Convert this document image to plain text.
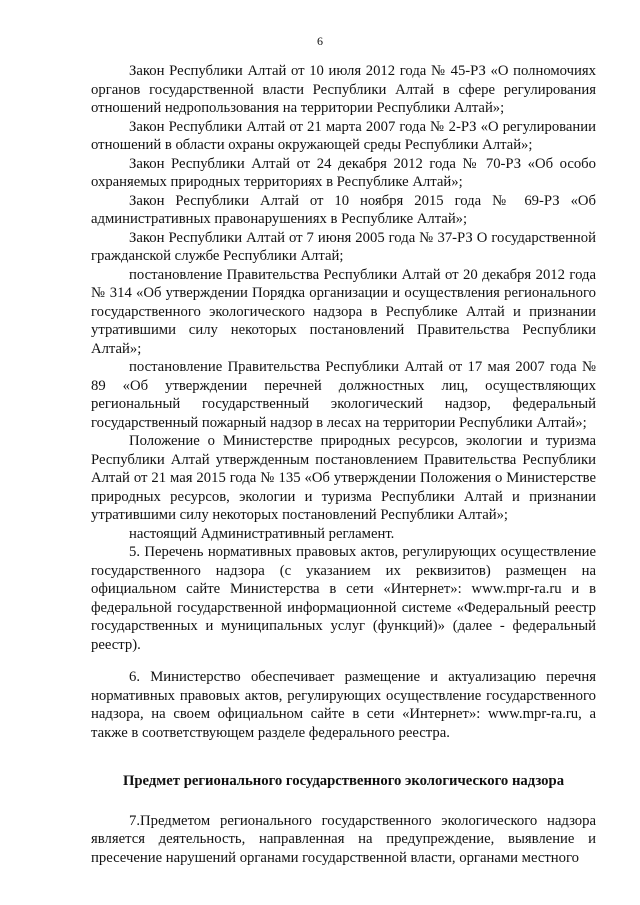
6

Закон Республики Алтай от 10 июля 2012 года № 45-РЗ «О полномочиях органов государственной власти Республики Алтай в сфере регулирования отношений недропользования на территории Республики Алтай»;

Закон Республики Алтай от 21 марта 2007 года № 2-РЗ «О регулировании отношений в области охраны окружающей среды Республики Алтай»;

Закон Республики Алтай от 24 декабря 2012 года № 70-РЗ «Об особо охраняемых природных территориях в Республике Алтай»;

Закон Республики Алтай от 10 ноября 2015 года № 69-РЗ «Об административных правонарушениях в Республике Алтай»;

Закон Республики Алтай от 7 июня 2005 года № 37-РЗ О государственной гражданской службе Республики Алтай;

постановление Правительства Республики Алтай от 20 декабря 2012 года № 314 «Об утверждении Порядка организации и осуществления регионального государственного экологического надзора в Республике Алтай и признании утратившими силу некоторых постановлений Правительства Республики Алтай»;

постановление Правительства Республики Алтай от 17 мая 2007 года № 89 «Об утверждении перечней должностных лиц, осуществляющих региональный государственный экологический надзор, федеральный государственный пожарный надзор в лесах на территории Республики Алтай»;

Положение о Министерстве природных ресурсов, экологии и туризма Республики Алтай утвержденным постановлением Правительства Республики Алтай от 21 мая 2015 года № 135 «Об утверждении Положения о Министерстве природных ресурсов, экологии и туризма Республики Алтай и признании утратившими силу некоторых постановлений Республики Алтай»;

настоящий Административный регламент.

5. Перечень нормативных правовых актов, регулирующих осуществление государственного надзора (с указанием их реквизитов) размещен на официальном сайте Министерства в сети «Интернет»: www.mpr-ra.ru и в федеральной государственной информационной системе «Федеральный реестр государственных и муниципальных услуг (функций)» (далее - федеральный реестр).

6. Министерство обеспечивает размещение и актуализацию перечня нормативных правовых актов, регулирующих осуществление государственного надзора, на своем официальном сайте в сети «Интернет»: www.mpr-ra.ru, а также в соответствующем разделе федерального реестра.

Предмет регионального государственного экологического надзора

7.Предметом регионального государственного экологического надзора является деятельность, направленная на предупреждение, выявление и пресечение нарушений органами государственной власти, органами местного
